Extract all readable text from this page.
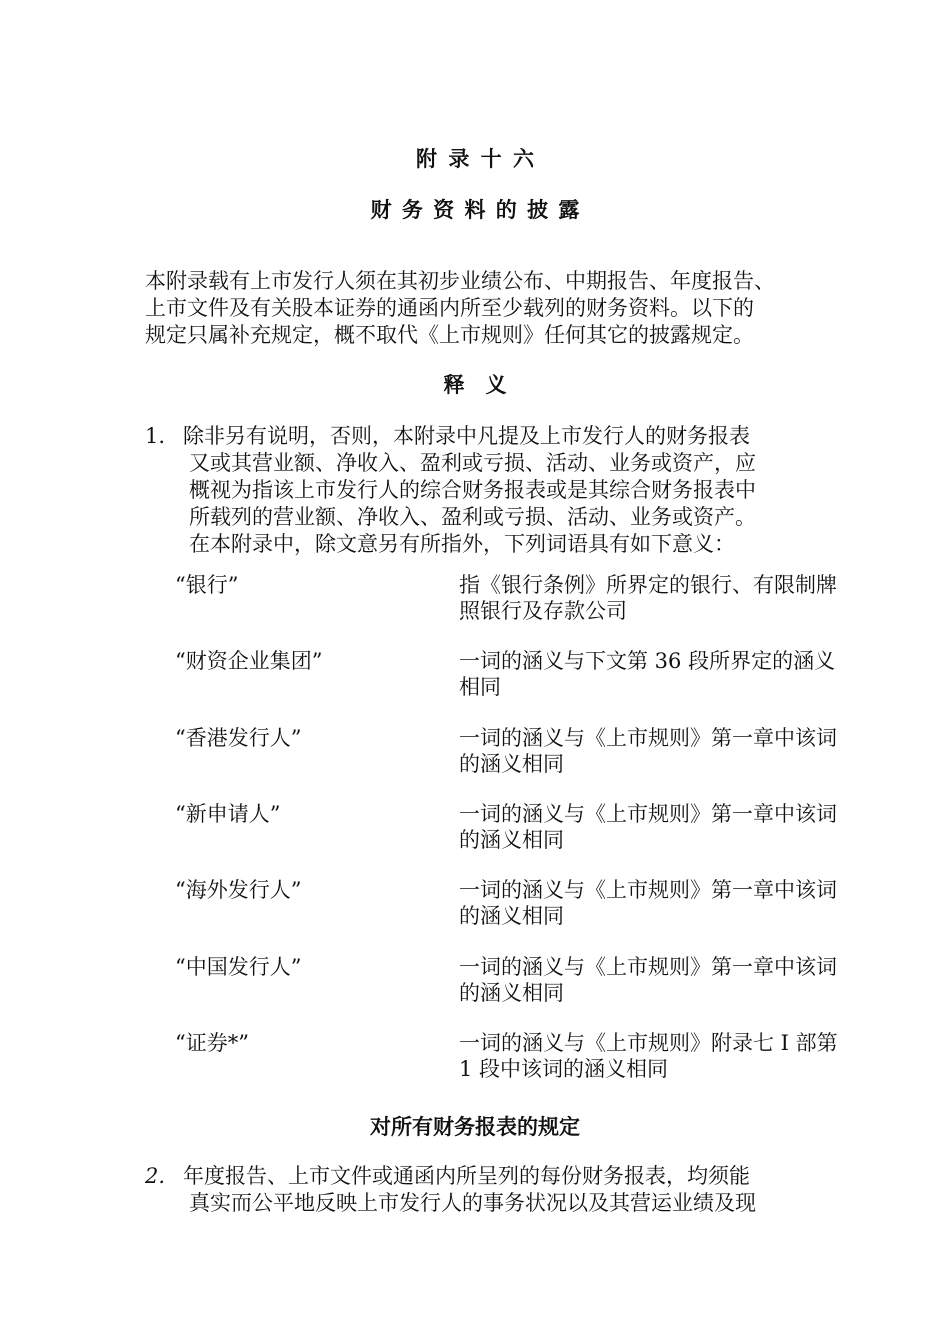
附 录 十 六
财 务 资 料 的 披 露
本附录载有上市发行人须在其初步业绩公布、中期报告、年度报告、
上市文件及有关股本证券的通函内所至少载列的财务资料。以下的
规定只属补充规定，概不取代《上市规则》任何其它的披露规定。
释　义
1. 除非另有说明，否则，本附录中凡提及上市发行人的财务报表
又或其营业额、净收入、盈利或亏损、活动、业务或资产，应
概视为指该上市发行人的综合财务报表或是其综合财务报表中
所载列的营业额、净收入、盈利或亏损、活动、业务或资产。
在本附录中，除文意另有所指外，下列词语具有如下意义：
“银行”	指《银行条例》所界定的银行、有限制牌
照银行及存款公司
“财资企业集团”	一词的涵义与下文第 36 段所界定的涵义
相同
“香港发行人”	一词的涵义与《上市规则》第一章中该词
的涵义相同
“新申请人”	一词的涵义与《上市规则》第一章中该词
的涵义相同
“海外发行人”	一词的涵义与《上市规则》第一章中该词
的涵义相同
“中国发行人”	一词的涵义与《上市规则》第一章中该词
的涵义相同
“证券*”	一词的涵义与《上市规则》附录七 I 部第
1 段中该词的涵义相同
对所有财务报表的规定
2. 年度报告、上市文件或通函内所呈列的每份财务报表，均须能
真实而公平地反映上市发行人的事务状况以及其营运业绩及现
